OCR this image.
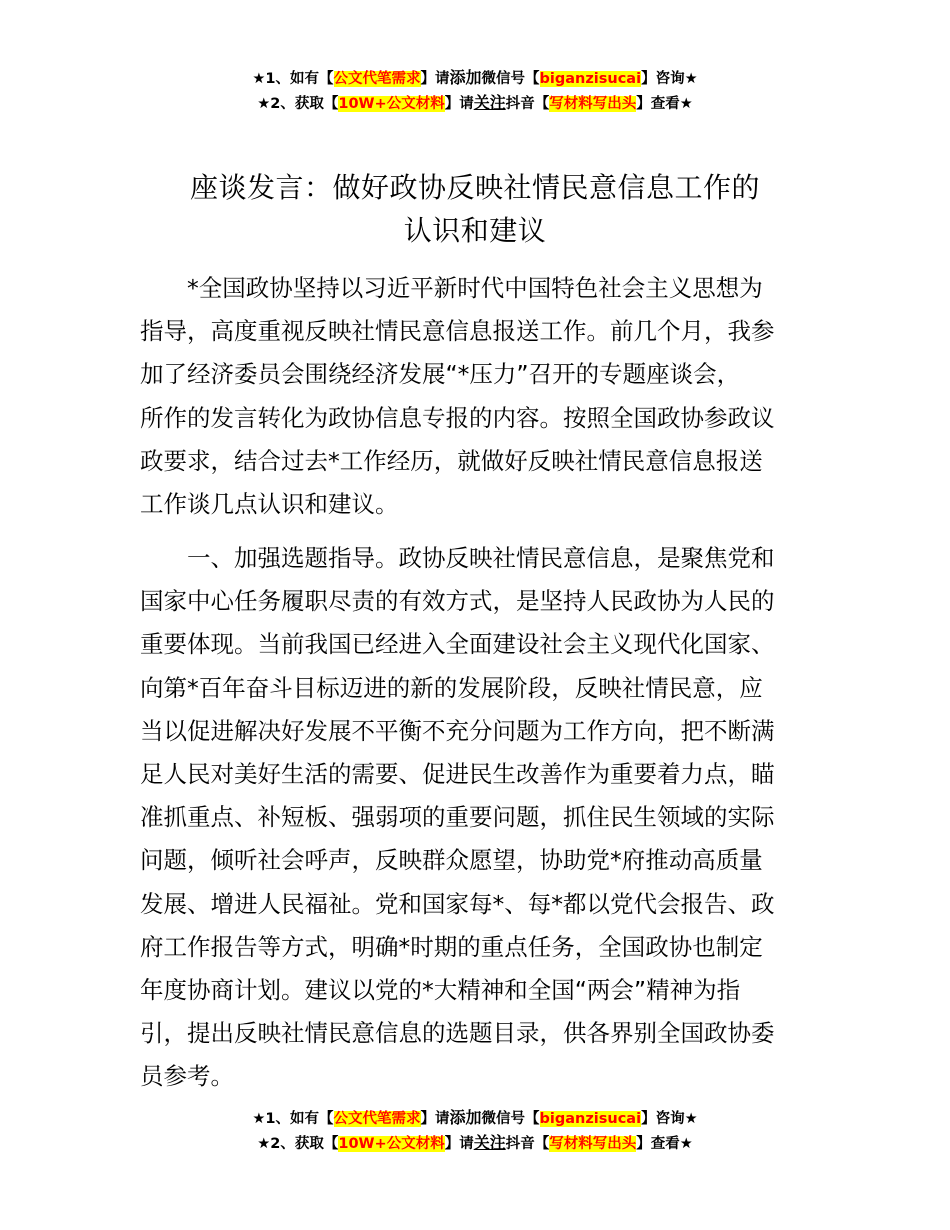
★1、如有【公文代笔需求】请添加微信号【biganzisucai】咨询★
★2、获取【10W+公文材料】请关注抖音【写材料写出头】查看★
座谈发言：做好政协反映社情民意信息工作的
认识和建议
　　*全国政协坚持以习近平新时代中国特色社会主义思想为
指导，高度重视反映社情民意信息报送工作。前几个月，我参
加了经济委员会围绕经济发展“*压力”召开的专题座谈会，
所作的发言转化为政协信息专报的内容。按照全国政协参政议
政要求，结合过去*工作经历，就做好反映社情民意信息报送
工作谈几点认识和建议。
　　一、加强选题指导。政协反映社情民意信息，是聚焦党和
国家中心任务履职尽责的有效方式，是坚持人民政协为人民的
重要体现。当前我国已经进入全面建设社会主义现代化国家、
向第*百年奋斗目标迈进的新的发展阶段，反映社情民意，应
当以促进解决好发展不平衡不充分问题为工作方向，把不断满
足人民对美好生活的需要、促进民生改善作为重要着力点，瞄
准抓重点、补短板、强弱项的重要问题，抓住民生领域的实际
问题，倾听社会呼声，反映群众愿望，协助党*府推动高质量
发展、增进人民福祉。党和国家每*、每*都以党代会报告、政
府工作报告等方式，明确*时期的重点任务，全国政协也制定
年度协商计划。建议以党的*大精神和全国“两会”精神为指
引，提出反映社情民意信息的选题目录，供各界别全国政协委
员参考。
★1、如有【公文代笔需求】请添加微信号【biganzisucai】咨询★
★2、获取【10W+公文材料】请关注抖音【写材料写出头】查看★
